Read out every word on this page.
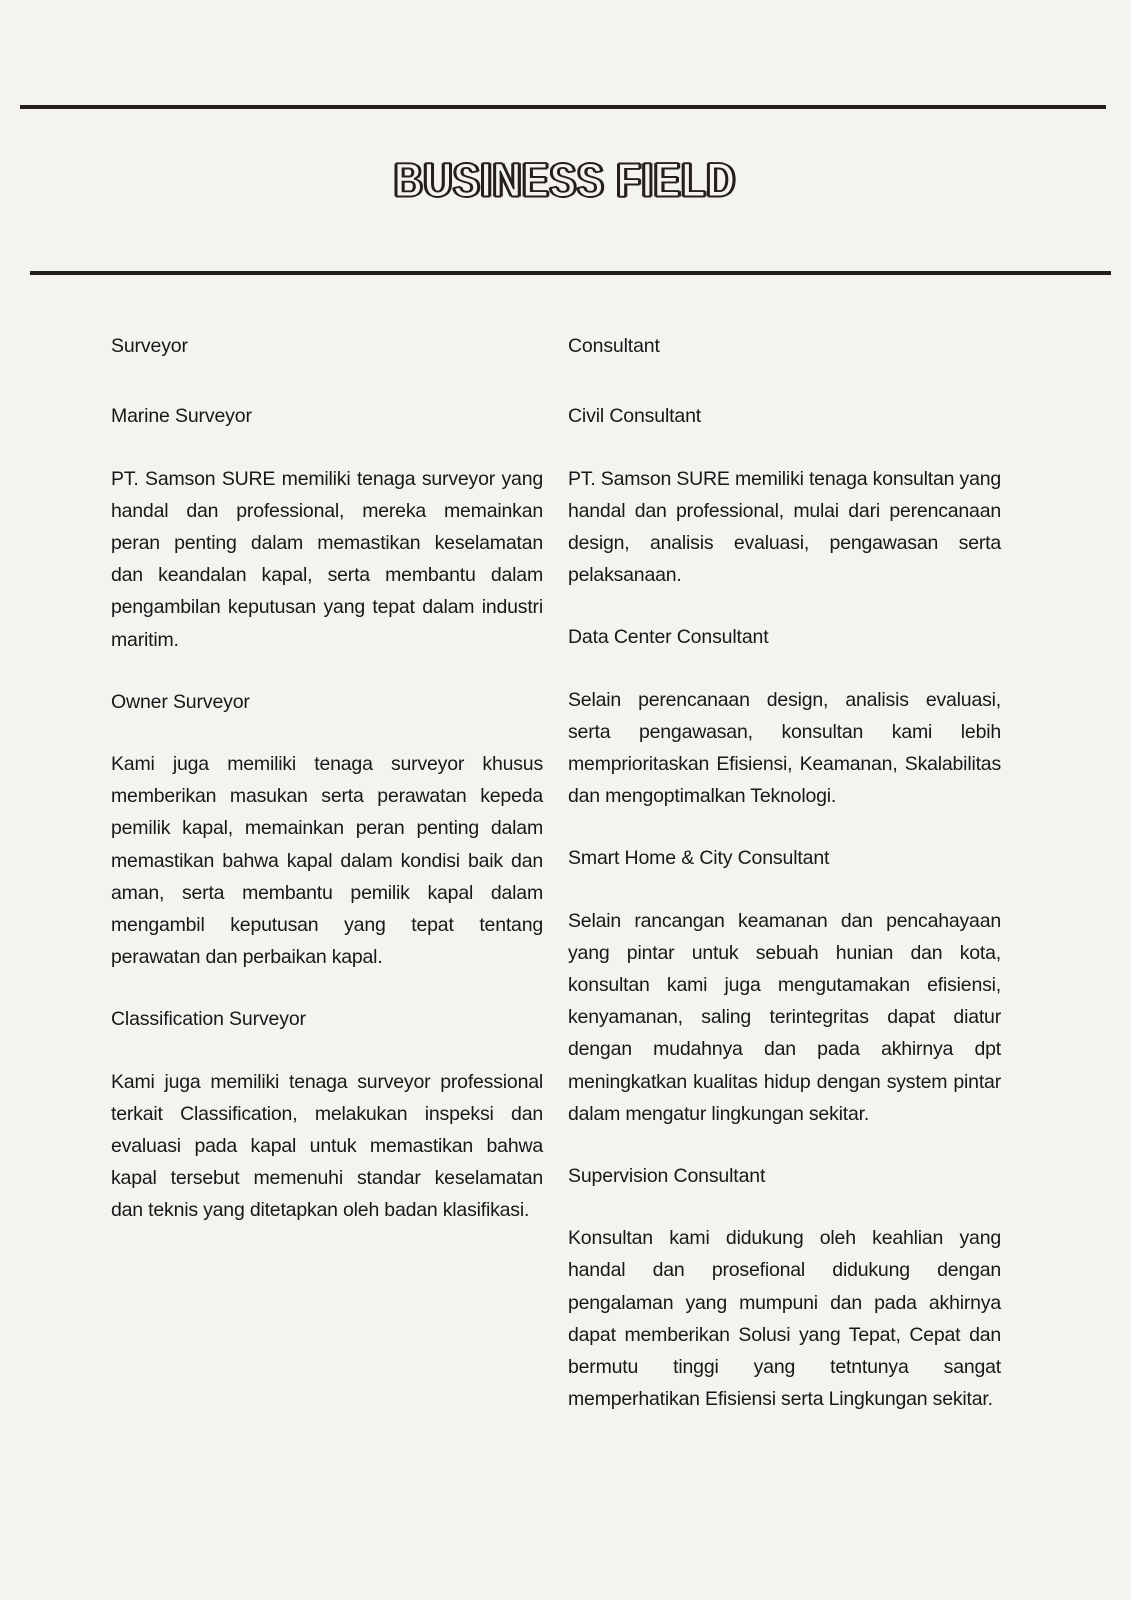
BUSINESS FIELD
Surveyor
Marine Surveyor

PT. Samson SURE memiliki tenaga surveyor yang handal dan professional, mereka memainkan peran penting dalam memastikan keselamatan dan keandalan kapal, serta membantu dalam pengambilan keputusan yang tepat dalam industri maritim.

Owner Surveyor

Kami juga memiliki tenaga surveyor khusus memberikan masukan serta perawatan kepeda pemilik kapal, memainkan peran penting dalam memastikan bahwa kapal dalam kondisi baik dan aman, serta membantu pemilik kapal dalam mengambil keputusan yang tepat tentang perawatan dan perbaikan kapal.

Classification Surveyor

Kami juga memiliki tenaga surveyor professional terkait Classification, melakukan inspeksi dan evaluasi pada kapal untuk memastikan bahwa kapal tersebut memenuhi standar keselamatan dan teknis yang ditetapkan oleh badan klasifikasi.

Consultant
Civil Consultant

PT. Samson SURE memiliki tenaga konsultan yang handal dan professional, mulai dari perencanaan design, analisis evaluasi, pengawasan serta pelaksanaan.

Data Center Consultant

Selain perencanaan design, analisis evaluasi, serta pengawasan, konsultan kami lebih memprioritaskan Efisiensi, Keamanan, Skalabilitas dan mengoptimalkan Teknologi.

Smart Home & City Consultant

Selain rancangan keamanan dan pencahayaan yang pintar untuk sebuah hunian dan kota, konsultan kami juga mengutamakan efisiensi, kenyamanan, saling terintegritas dapat diatur dengan mudahnya dan pada akhirnya dpt meningkatkan kualitas hidup dengan system pintar dalam mengatur lingkungan sekitar.

Supervision Consultant

Konsultan kami didukung oleh keahlian yang handal dan prosefional didukung dengan pengalaman yang mumpuni dan pada akhirnya dapat memberikan Solusi yang Tepat, Cepat dan bermutu tinggi yang tetntunya sangat memperhatikan Efisiensi serta Lingkungan sekitar.
